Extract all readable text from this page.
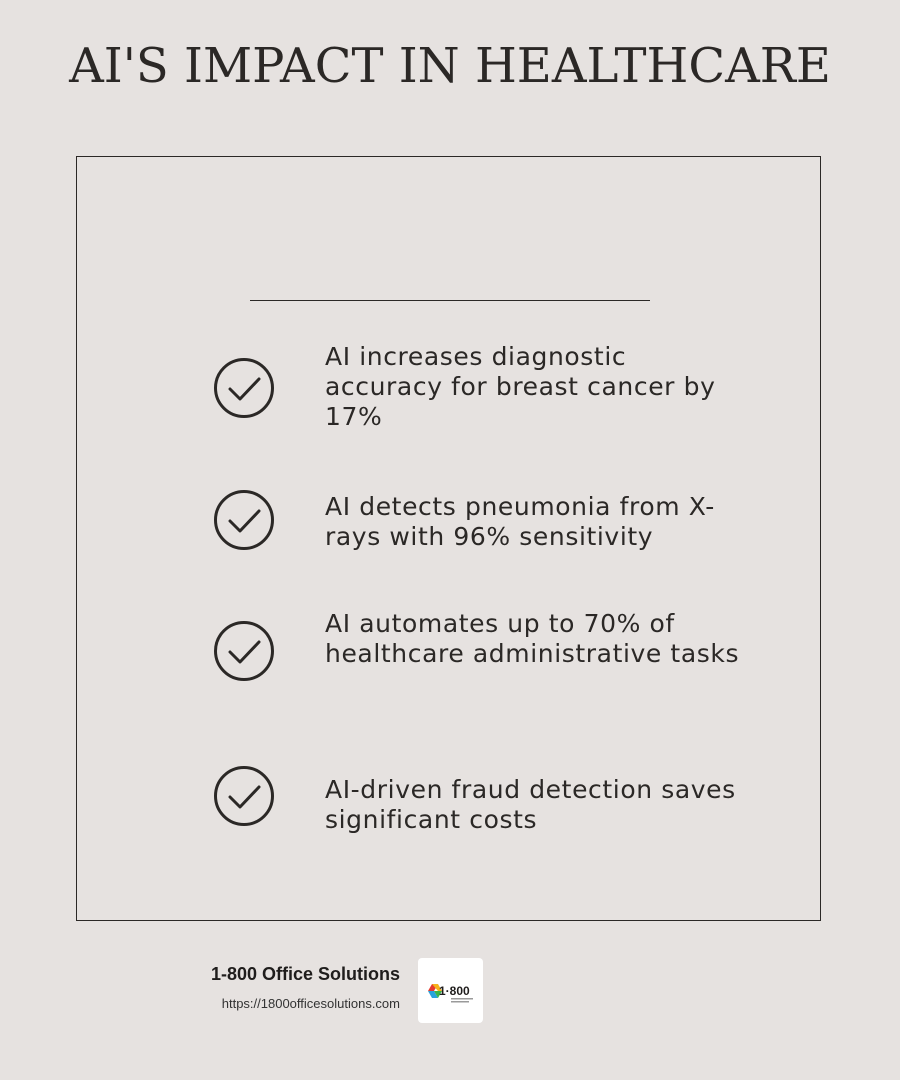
AI'S IMPACT IN HEALTHCARE
AI increases diagnostic accuracy for breast cancer by 17%
AI detects pneumonia from X-rays with 96% sensitivity
AI automates up to 70% of healthcare administrative tasks
AI-driven fraud detection saves significant costs
1-800 Office Solutions
https://1800officesolutions.com
1·800
